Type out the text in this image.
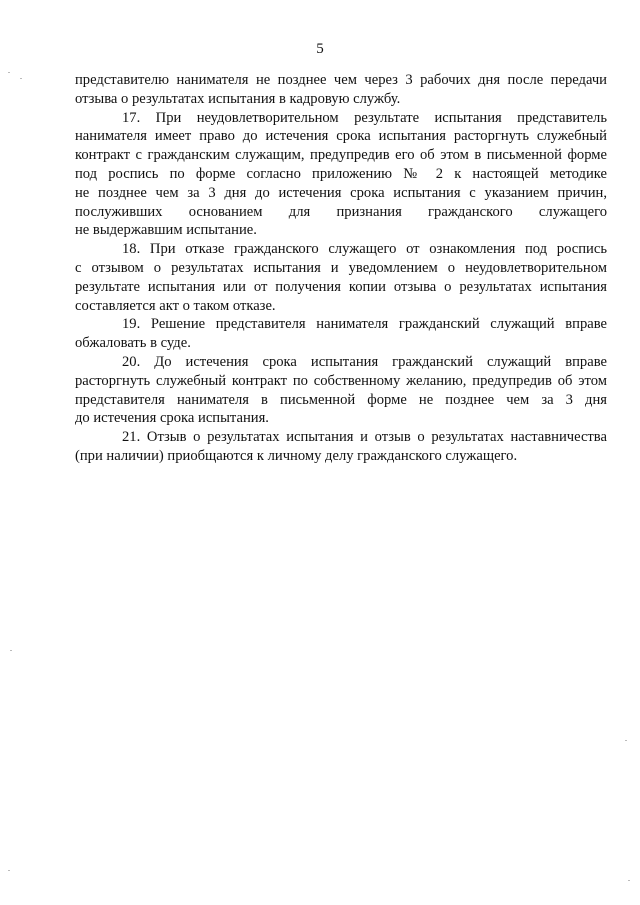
5
представителю нанимателя не позднее чем через 3 рабочих дня после передачи
отзыва о результатах испытания в кадровую службу.
17. При неудовлетворительном результате испытания представитель
нанимателя имеет право до истечения срока испытания расторгнуть служебный
контракт с гражданским служащим, предупредив его об этом в письменной форме
под роспись по форме согласно приложению № 2 к настоящей методике
не позднее чем за 3 дня до истечения срока испытания с указанием причин,
послуживших основанием для признания гражданского служащего
не выдержавшим испытание.
18. При отказе гражданского служащего от ознакомления под роспись
с отзывом о результатах испытания и уведомлением о неудовлетворительном
результате испытания или от получения копии отзыва о результатах испытания
составляется акт о таком отказе.
19. Решение представителя нанимателя гражданский служащий вправе
обжаловать в суде.
20. До истечения срока испытания гражданский служащий вправе
расторгнуть служебный контракт по собственному желанию, предупредив об этом
представителя нанимателя в письменной форме не позднее чем за 3 дня
до истечения срока испытания.
21. Отзыв о результатах испытания и отзыв о результатах наставничества
(при наличии) приобщаются к личному делу гражданского служащего.
